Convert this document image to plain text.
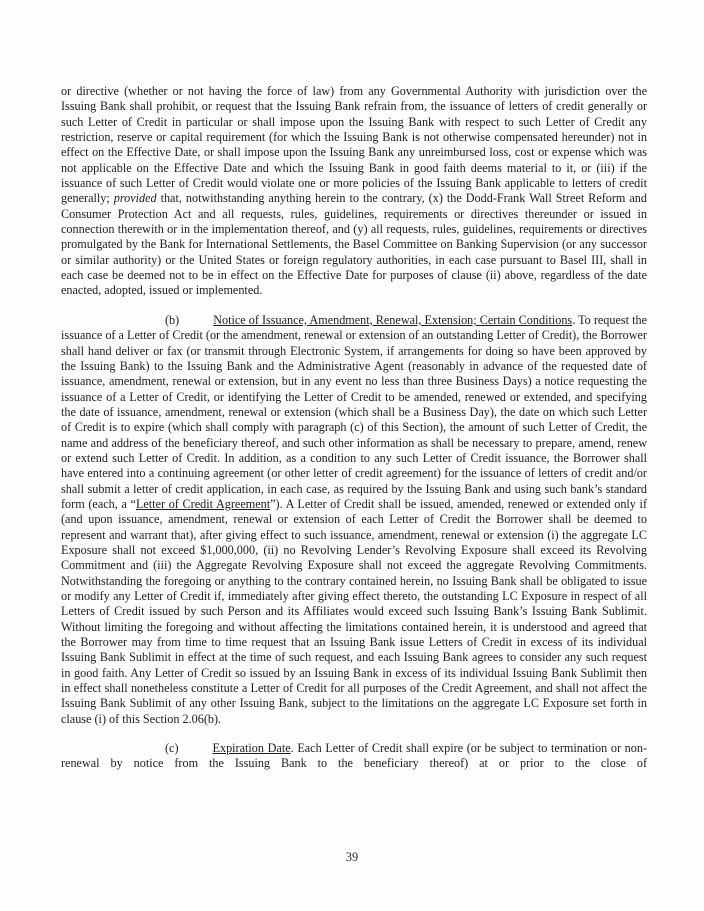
or directive (whether or not having the force of law) from any Governmental Authority with jurisdiction over the Issuing Bank shall prohibit, or request that the Issuing Bank refrain from, the issuance of letters of credit generally or such Letter of Credit in particular or shall impose upon the Issuing Bank with respect to such Letter of Credit any restriction, reserve or capital requirement (for which the Issuing Bank is not otherwise compensated hereunder) not in effect on the Effective Date, or shall impose upon the Issuing Bank any unreimbursed loss, cost or expense which was not applicable on the Effective Date and which the Issuing Bank in good faith deems material to it, or (iii) if the issuance of such Letter of Credit would violate one or more policies of the Issuing Bank applicable to letters of credit generally; provided that, notwithstanding anything herein to the contrary, (x) the Dodd-Frank Wall Street Reform and Consumer Protection Act and all requests, rules, guidelines, requirements or directives thereunder or issued in connection therewith or in the implementation thereof, and (y) all requests, rules, guidelines, requirements or directives promulgated by the Bank for International Settlements, the Basel Committee on Banking Supervision (or any successor or similar authority) or the United States or foreign regulatory authorities, in each case pursuant to Basel III, shall in each case be deemed not to be in effect on the Effective Date for purposes of clause (ii) above, regardless of the date enacted, adopted, issued or implemented.

(b)	Notice of Issuance, Amendment, Renewal, Extension; Certain Conditions. To request the issuance of a Letter of Credit (or the amendment, renewal or extension of an outstanding Letter of Credit), the Borrower shall hand deliver or fax (or transmit through Electronic System, if arrangements for doing so have been approved by the Issuing Bank) to the Issuing Bank and the Administrative Agent (reasonably in advance of the requested date of issuance, amendment, renewal or extension, but in any event no less than three Business Days) a notice requesting the issuance of a Letter of Credit, or identifying the Letter of Credit to be amended, renewed or extended, and specifying the date of issuance, amendment, renewal or extension (which shall be a Business Day), the date on which such Letter of Credit is to expire (which shall comply with paragraph (c) of this Section), the amount of such Letter of Credit, the name and address of the beneficiary thereof, and such other information as shall be necessary to prepare, amend, renew or extend such Letter of Credit. In addition, as a condition to any such Letter of Credit issuance, the Borrower shall have entered into a continuing agreement (or other letter of credit agreement) for the issuance of letters of credit and/or shall submit a letter of credit application, in each case, as required by the Issuing Bank and using such bank’s standard form (each, a “Letter of Credit Agreement”). A Letter of Credit shall be issued, amended, renewed or extended only if (and upon issuance, amendment, renewal or extension of each Letter of Credit the Borrower shall be deemed to represent and warrant that), after giving effect to such issuance, amendment, renewal or extension (i) the aggregate LC Exposure shall not exceed $1,000,000, (ii) no Revolving Lender’s Revolving Exposure shall exceed its Revolving Commitment and (iii) the Aggregate Revolving Exposure shall not exceed the aggregate Revolving Commitments. Notwithstanding the foregoing or anything to the contrary contained herein, no Issuing Bank shall be obligated to issue or modify any Letter of Credit if, immediately after giving effect thereto, the outstanding LC Exposure in respect of all Letters of Credit issued by such Person and its Affiliates would exceed such Issuing Bank’s Issuing Bank Sublimit. Without limiting the foregoing and without affecting the limitations contained herein, it is understood and agreed that the Borrower may from time to time request that an Issuing Bank issue Letters of Credit in excess of its individual Issuing Bank Sublimit in effect at the time of such request, and each Issuing Bank agrees to consider any such request in good faith. Any Letter of Credit so issued by an Issuing Bank in excess of its individual Issuing Bank Sublimit then in effect shall nonetheless constitute a Letter of Credit for all purposes of the Credit Agreement, and shall not affect the Issuing Bank Sublimit of any other Issuing Bank, subject to the limitations on the aggregate LC Exposure set forth in clause (i) of this Section 2.06(b).

(c)	Expiration Date. Each Letter of Credit shall expire (or be subject to termination or non-renewal by notice from the Issuing Bank to the beneficiary thereof) at or prior to the close of

39
